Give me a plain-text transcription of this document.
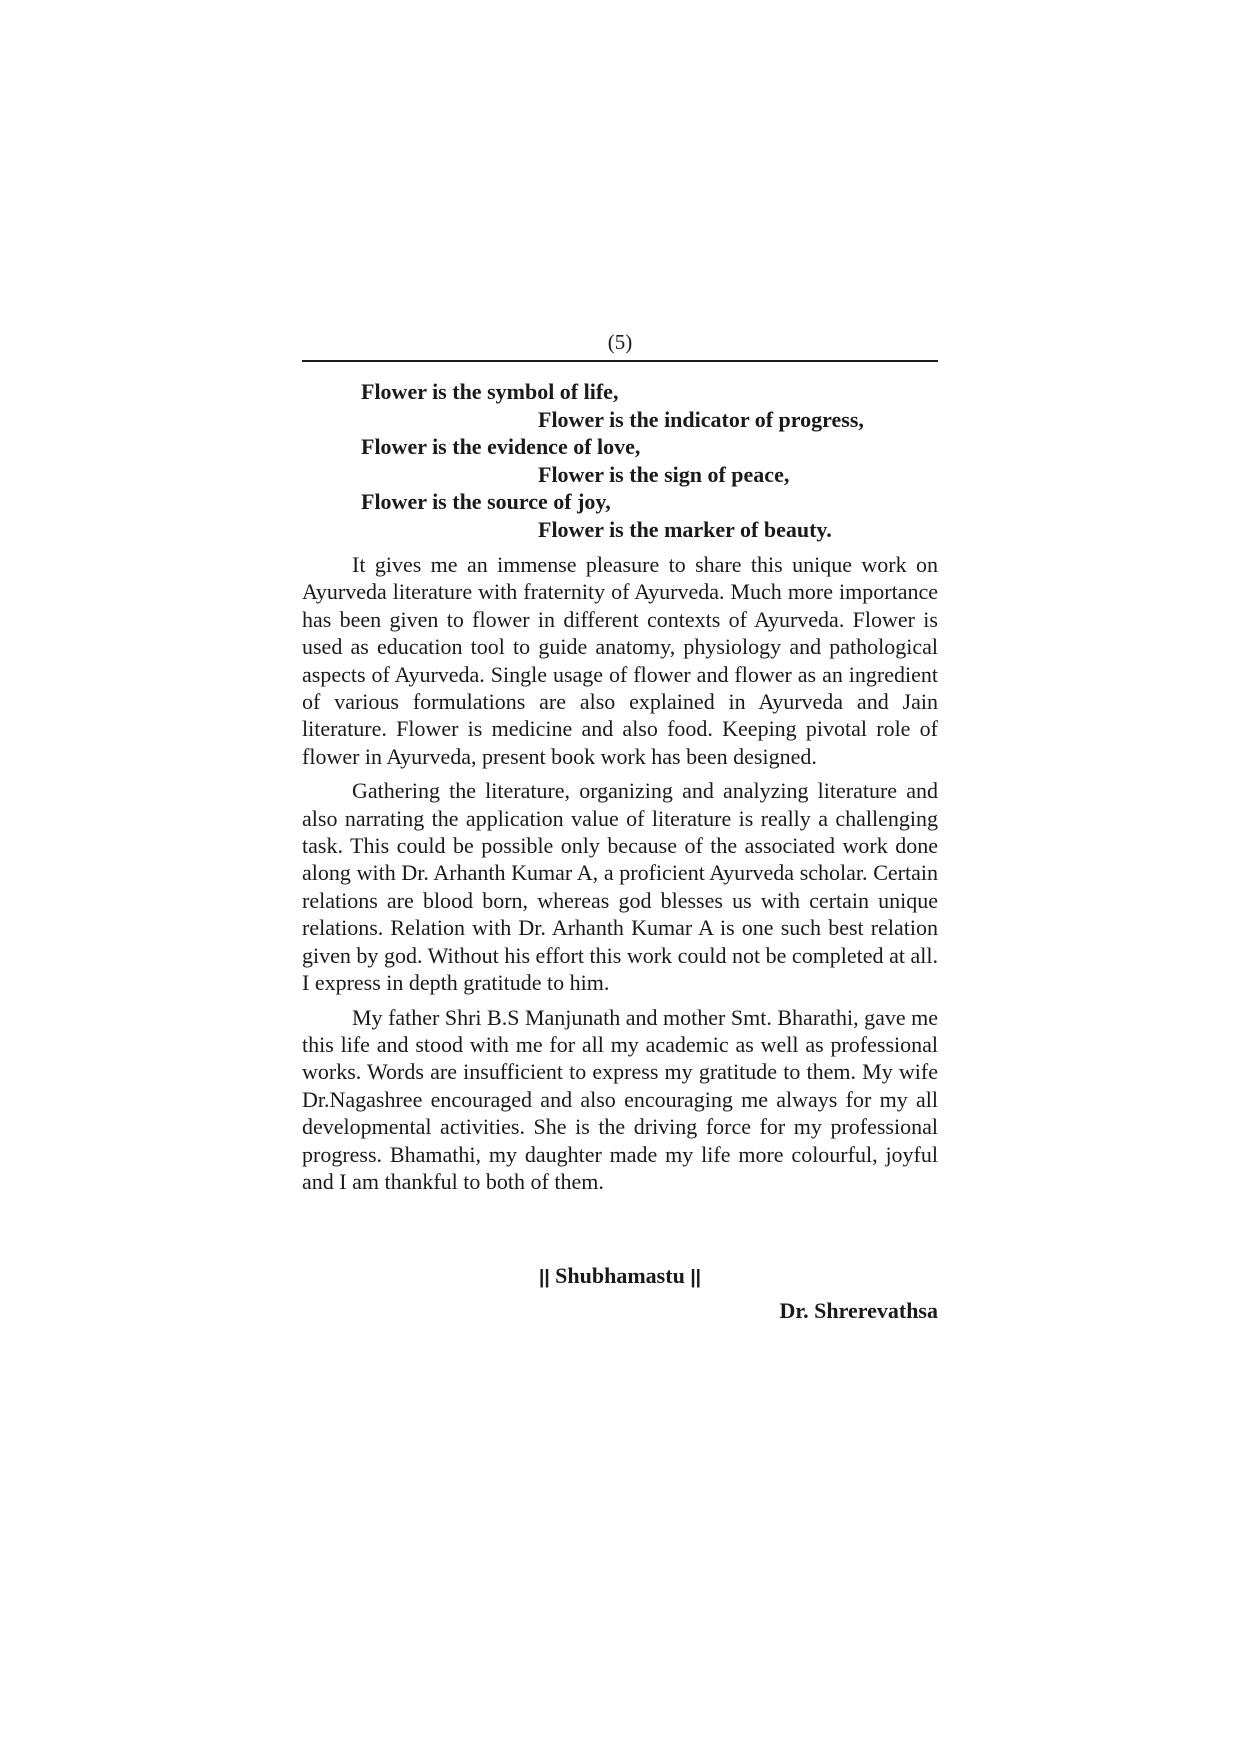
(5)
Flower is the symbol of life,
Flower is the indicator of progress,
Flower is the evidence of love,
Flower is the sign of peace,
Flower is the source of joy,
Flower is the marker of beauty.

It gives me an immense pleasure to share this unique work on Ayurveda literature with fraternity of Ayurveda. Much more importance has been given to flower in different contexts of Ayurveda. Flower is used as education tool to guide anatomy, physiology and pathological aspects of Ayurveda. Single usage of flower and flower as an ingredient of various formulations are also explained in Ayurveda and Jain literature. Flower is medicine and also food. Keeping pivotal role of flower in Ayurveda, present book work has been designed.

Gathering the literature, organizing and analyzing literature and also narrating the application value of literature is really a challenging task. This could be possible only because of the associated work done along with Dr. Arhanth Kumar A, a proficient Ayurveda scholar. Certain relations are blood born, whereas god blesses us with certain unique relations. Relation with Dr. Arhanth Kumar A is one such best relation given by god. Without his effort this work could not be completed at all. I express in depth gratitude to him.

My father Shri B.S Manjunath and mother Smt. Bharathi, gave me this life and stood with me for all my academic as well as professional works. Words are insufficient to express my gratitude to them. My wife Dr.Nagashree encouraged and also encouraging me always for my all developmental activities. She is the driving force for my professional progress. Bhamathi, my daughter made my life more colourful, joyful and I am thankful to both of them.

|| Shubhamastu ||
Dr. Shrerevathsa
